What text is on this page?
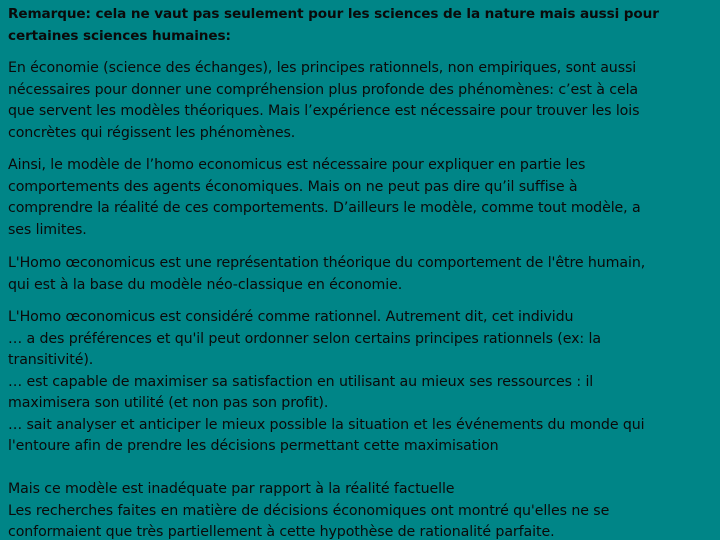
Remarque: cela ne vaut pas seulement pour les sciences de la nature mais aussi pour
certaines sciences humaines:

En économie (science des échanges), les principes rationnels, non empiriques, sont aussi
nécessaires pour donner une compréhension plus profonde des phénomènes: c’est à cela
que servent les modèles théoriques. Mais l’expérience est nécessaire pour trouver les lois
concrètes qui régissent les phénomènes.

Ainsi, le modèle de l’homo economicus est nécessaire pour expliquer en partie les
comportements des agents économiques. Mais on ne peut pas dire qu’il suffise à
comprendre la réalité de ces comportements. D’ailleurs le modèle, comme tout modèle, a
ses limites.

L'Homo œconomicus est une représentation théorique du comportement de l'être humain,
qui est à la base du modèle néo-classique en économie.

L'Homo œconomicus est considéré comme rationnel. Autrement dit, cet individu
… a des préférences et qu'il peut ordonner selon certains principes rationnels (ex: la
transitivité).
… est capable de maximiser sa satisfaction en utilisant au mieux ses ressources : il
maximisera son utilité (et non pas son profit).
… sait analyser et anticiper le mieux possible la situation et les événements du monde qui
l'entoure afin de prendre les décisions permettant cette maximisation

Mais ce modèle est inadéquate par rapport à la réalité factuelle
Les recherches faites en matière de décisions économiques ont montré qu'elles ne se
conformaient que très partiellement à cette hypothèse de rationalité parfaite.
